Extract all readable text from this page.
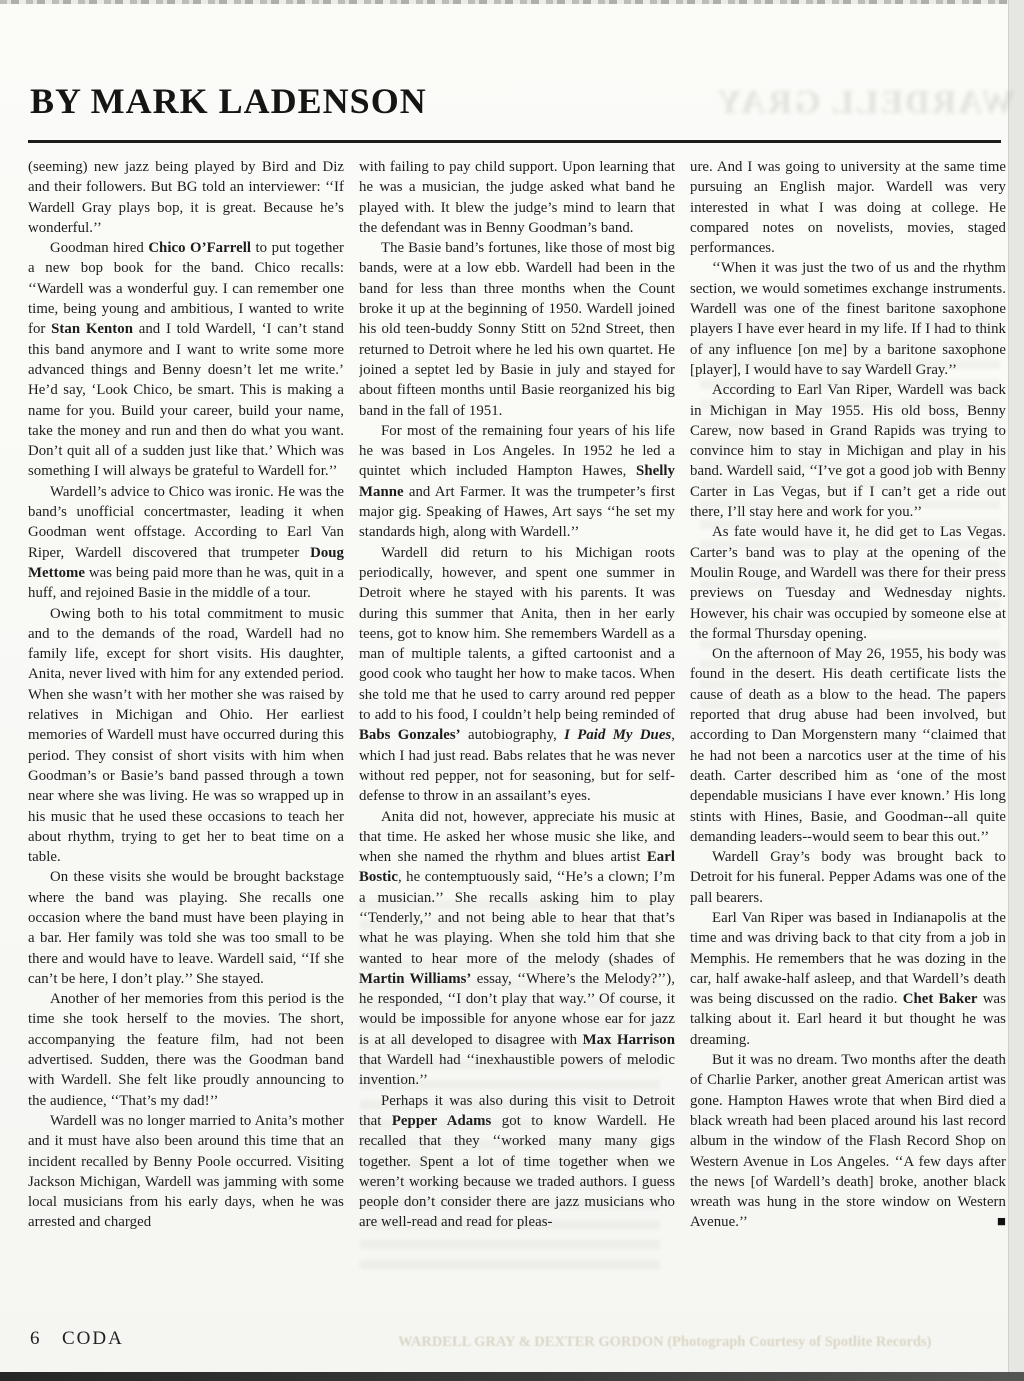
WARDELL GRAY
BY MARK LADENSON

(seeming) new jazz being played by Bird and Diz and their followers. But BG told an interviewer: ‘‘If Wardell Gray plays bop, it is great. Because he’s wonderful.’’

Goodman hired Chico O’Farrell to put together a new bop book for the band. Chico recalls: ‘‘Wardell was a wonderful guy. I can remember one time, being young and ambitious, I wanted to write for Stan Kenton and I told Wardell, ‘I can’t stand this band anymore and I want to write some more advanced things and Benny doesn’t let me write.’ He’d say, ‘Look Chico, be smart. This is making a name for you. Build your career, build your name, take the money and run and then do what you want. Don’t quit all of a sudden just like that.’ Which was something I will always be grateful to Wardell for.’’

Wardell’s advice to Chico was ironic. He was the band’s unofficial concertmaster, leading it when Goodman went offstage. According to Earl Van Riper, Wardell discovered that trumpeter Doug Mettome was being paid more than he was, quit in a huff, and rejoined Basie in the middle of a tour.

Owing both to his total commitment to music and to the demands of the road, Wardell had no family life, except for short visits. His daughter, Anita, never lived with him for any extended period. When she wasn’t with her mother she was raised by relatives in Michigan and Ohio. Her earliest memories of Wardell must have occurred during this period. They consist of short visits with him when Goodman’s or Basie’s band passed through a town near where she was living. He was so wrapped up in his music that he used these occasions to teach her about rhythm, trying to get her to beat time on a table.

On these visits she would be brought backstage where the band was playing. She recalls one occasion where the band must have been playing in a bar. Her family was told she was too small to be there and would have to leave. Wardell said, ‘‘If she can’t be here, I don’t play.’’ She stayed.

Another of her memories from this period is the time she took herself to the movies. The short, accompanying the feature film, had not been advertised. Sudden, there was the Goodman band with Wardell. She felt like proudly announcing to the audience, ‘‘That’s my dad!’’

Wardell was no longer married to Anita’s mother and it must have also been around this time that an incident recalled by Benny Poole occurred. Visiting Jackson Michigan, Wardell was jamming with some local musicians from his early days, when he was arrested and charged

with failing to pay child support. Upon learning that he was a musician, the judge asked what band he played with. It blew the judge’s mind to learn that the defendant was in Benny Goodman’s band.

The Basie band’s fortunes, like those of most big bands, were at a low ebb. Wardell had been in the band for less than three months when the Count broke it up at the beginning of 1950. Wardell joined his old teen-buddy Sonny Stitt on 52nd Street, then returned to Detroit where he led his own quartet. He joined a septet led by Basie in july and stayed for about fifteen months until Basie reorganized his big band in the fall of 1951.

For most of the remaining four years of his life he was based in Los Angeles. In 1952 he led a quintet which included Hampton Hawes, Shelly Manne and Art Farmer. It was the trumpeter’s first major gig. Speaking of Hawes, Art says ‘‘he set my standards high, along with Wardell.’’

Wardell did return to his Michigan roots periodically, however, and spent one summer in Detroit where he stayed with his parents. It was during this summer that Anita, then in her early teens, got to know him. She remembers Wardell as a man of multiple talents, a gifted cartoonist and a good cook who taught her how to make tacos. When she told me that he used to carry around red pepper to add to his food, I couldn’t help being reminded of Babs Gonzales’ autobiography, I Paid My Dues, which I had just read. Babs relates that he was never without red pepper, not for seasoning, but for self-defense to throw in an assailant’s eyes.

Anita did not, however, appreciate his music at that time. He asked her whose music she like, and when she named the rhythm and blues artist Earl Bostic, he contemptuously said, ‘‘He’s a clown; I’m a musician.’’ She recalls asking him to play ‘‘Tenderly,’’ and not being able to hear that that’s what he was playing. When she told him that she wanted to hear more of the melody (shades of Martin Williams’ essay, ‘‘Where’s the Melody?’’), he responded, ‘‘I don’t play that way.’’ Of course, it would be impossible for anyone whose ear for jazz is at all developed to disagree with Max Harrison that Wardell had ‘‘inexhaustible powers of melodic invention.’’

Perhaps it was also during this visit to Detroit that Pepper Adams got to know Wardell. He recalled that they ‘‘worked many many gigs together. Spent a lot of time together when we weren’t working because we traded authors. I guess people don’t consider there are jazz musicians who are well-read and read for pleas-

ure. And I was going to university at the same time pursuing an English major. Wardell was very interested in what I was doing at college. He compared notes on novelists, movies, staged performances.

‘‘When it was just the two of us and the rhythm section, we would sometimes exchange instruments. Wardell was one of the finest baritone saxophone players I have ever heard in my life. If I had to think of any influence [on me] by a baritone saxophone [player], I would have to say Wardell Gray.’’

According to Earl Van Riper, Wardell was back in Michigan in May 1955. His old boss, Benny Carew, now based in Grand Rapids was trying to convince him to stay in Michigan and play in his band. Wardell said, ‘‘I’ve got a good job with Benny Carter in Las Vegas, but if I can’t get a ride out there, I’ll stay here and work for you.’’

As fate would have it, he did get to Las Vegas. Carter’s band was to play at the opening of the Moulin Rouge, and Wardell was there for their press previews on Tuesday and Wednesday nights. However, his chair was occupied by someone else at the formal Thursday opening.

On the afternoon of May 26, 1955, his body was found in the desert. His death certificate lists the cause of death as a blow to the head. The papers reported that drug abuse had been involved, but according to Dan Morgenstern many ‘‘claimed that he had not been a narcotics user at the time of his death. Carter described him as ‘one of the most dependable musicians I have ever known.’ His long stints with Hines, Basie, and Goodman--all quite demanding leaders--would seem to bear this out.’’

Wardell Gray’s body was brought back to Detroit for his funeral. Pepper Adams was one of the pall bearers.

Earl Van Riper was based in Indianapolis at the time and was driving back to that city from a job in Memphis. He remembers that he was dozing in the car, half awake-half asleep, and that Wardell’s death was being discussed on the radio. Chet Baker was talking about it. Earl heard it but thought he was dreaming.

But it was no dream. Two months after the death of Charlie Parker, another great American artist was gone. Hampton Hawes wrote that when Bird died a black wreath had been placed around his last record album in the window of the Flash Record Shop on Western Avenue in Los Angeles. ‘‘A few days after the news [of Wardell’s death] broke, another black wreath was hung in the store window on Western Avenue.’’	■

6 CODA	WARDELL GRAY & DEXTER GORDON (Photograph Courtesy of Spotlite Records)
